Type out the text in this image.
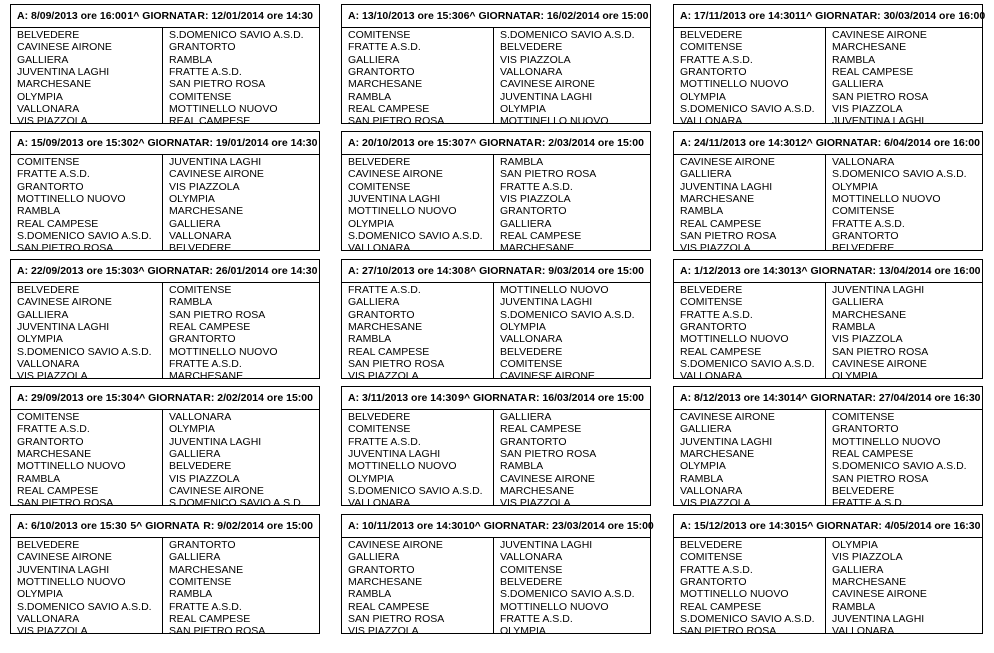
A: 8/09/2013 ore 16:00 1^ GIORNATA R: 12/01/2014 ore 14:30
BELVEDERE	S.DOMENICO SAVIO A.S.D.
CAVINESE AIRONE	GRANTORTO
GALLIERA	RAMBLA
JUVENTINA LAGHI	FRATTE A.S.D.
MARCHESANE	SAN PIETRO ROSA
OLYMPIA	COMITENSE
VALLONARA	MOTTINELLO NUOVO
VIS PIAZZOLA	REAL CAMPESE
A: 13/10/2013 ore 15:30 6^ GIORNATA R: 16/02/2014 ore 15:00
COMITENSE	S.DOMENICO SAVIO A.S.D.
FRATTE A.S.D.	BELVEDERE
GALLIERA	VIS PIAZZOLA
GRANTORTO	VALLONARA
MARCHESANE	CAVINESE AIRONE
RAMBLA	JUVENTINA LAGHI
REAL CAMPESE	OLYMPIA
SAN PIETRO ROSA	MOTTINELLO NUOVO
A: 17/11/2013 ore 14:30 11^ GIORNATA R: 30/03/2014 ore 16:00
BELVEDERE	CAVINESE AIRONE
COMITENSE	MARCHESANE
FRATTE A.S.D.	RAMBLA
GRANTORTO	REAL CAMPESE
MOTTINELLO NUOVO	GALLIERA
OLYMPIA	SAN PIETRO ROSA
S.DOMENICO SAVIO A.S.D.	VIS PIAZZOLA
VALLONARA	JUVENTINA LAGHI
A: 15/09/2013 ore 15:30 2^ GIORNATA R: 19/01/2014 ore 14:30
COMITENSE	JUVENTINA LAGHI
FRATTE A.S.D.	CAVINESE AIRONE
GRANTORTO	VIS PIAZZOLA
MOTTINELLO NUOVO	OLYMPIA
RAMBLA	MARCHESANE
REAL CAMPESE	GALLIERA
S.DOMENICO SAVIO A.S.D.	VALLONARA
SAN PIETRO ROSA	BELVEDERE
A: 20/10/2013 ore 15:30 7^ GIORNATA R: 2/03/2014 ore 15:00
BELVEDERE	RAMBLA
CAVINESE AIRONE	SAN PIETRO ROSA
COMITENSE	FRATTE A.S.D.
JUVENTINA LAGHI	VIS PIAZZOLA
MOTTINELLO NUOVO	GRANTORTO
OLYMPIA	GALLIERA
S.DOMENICO SAVIO A.S.D.	REAL CAMPESE
VALLONARA	MARCHESANE
A: 24/11/2013 ore 14:30 12^ GIORNATA R: 6/04/2014 ore 16:00
CAVINESE AIRONE	VALLONARA
GALLIERA	S.DOMENICO SAVIO A.S.D.
JUVENTINA LAGHI	OLYMPIA
MARCHESANE	MOTTINELLO NUOVO
RAMBLA	COMITENSE
REAL CAMPESE	FRATTE A.S.D.
SAN PIETRO ROSA	GRANTORTO
VIS PIAZZOLA	BELVEDERE
A: 22/09/2013 ore 15:30 3^ GIORNATA R: 26/01/2014 ore 14:30
BELVEDERE	COMITENSE
CAVINESE AIRONE	RAMBLA
GALLIERA	SAN PIETRO ROSA
JUVENTINA LAGHI	REAL CAMPESE
OLYMPIA	GRANTORTO
S.DOMENICO SAVIO A.S.D.	MOTTINELLO NUOVO
VALLONARA	FRATTE A.S.D.
VIS PIAZZOLA	MARCHESANE
A: 27/10/2013 ore 14:30 8^ GIORNATA R: 9/03/2014 ore 15:00
FRATTE A.S.D.	MOTTINELLO NUOVO
GALLIERA	JUVENTINA LAGHI
GRANTORTO	S.DOMENICO SAVIO A.S.D.
MARCHESANE	OLYMPIA
RAMBLA	VALLONARA
REAL CAMPESE	BELVEDERE
SAN PIETRO ROSA	COMITENSE
VIS PIAZZOLA	CAVINESE AIRONE
A: 1/12/2013 ore 14:30 13^ GIORNATA R: 13/04/2014 ore 16:00
BELVEDERE	JUVENTINA LAGHI
COMITENSE	GALLIERA
FRATTE A.S.D.	MARCHESANE
GRANTORTO	RAMBLA
MOTTINELLO NUOVO	VIS PIAZZOLA
REAL CAMPESE	SAN PIETRO ROSA
S.DOMENICO SAVIO A.S.D.	CAVINESE AIRONE
VALLONARA	OLYMPIA
A: 29/09/2013 ore 15:30 4^ GIORNATA R: 2/02/2014 ore 15:00
COMITENSE	VALLONARA
FRATTE A.S.D.	OLYMPIA
GRANTORTO	JUVENTINA LAGHI
MARCHESANE	GALLIERA
MOTTINELLO NUOVO	BELVEDERE
RAMBLA	VIS PIAZZOLA
REAL CAMPESE	CAVINESE AIRONE
SAN PIETRO ROSA	S.DOMENICO SAVIO A.S.D.
A: 3/11/2013 ore 14:30 9^ GIORNATA R: 16/03/2014 ore 15:00
BELVEDERE	GALLIERA
COMITENSE	REAL CAMPESE
FRATTE A.S.D.	GRANTORTO
JUVENTINA LAGHI	SAN PIETRO ROSA
MOTTINELLO NUOVO	RAMBLA
OLYMPIA	CAVINESE AIRONE
S.DOMENICO SAVIO A.S.D.	MARCHESANE
VALLONARA	VIS PIAZZOLA
A: 8/12/2013 ore 14:30 14^ GIORNATA R: 27/04/2014 ore 16:30
CAVINESE AIRONE	COMITENSE
GALLIERA	GRANTORTO
JUVENTINA LAGHI	MOTTINELLO NUOVO
MARCHESANE	REAL CAMPESE
OLYMPIA	S.DOMENICO SAVIO A.S.D.
RAMBLA	SAN PIETRO ROSA
VALLONARA	BELVEDERE
VIS PIAZZOLA	FRATTE A.S.D.
A: 6/10/2013 ore 15:30 5^ GIORNATA R: 9/02/2014 ore 15:00
BELVEDERE	GRANTORTO
CAVINESE AIRONE	GALLIERA
JUVENTINA LAGHI	MARCHESANE
MOTTINELLO NUOVO	COMITENSE
OLYMPIA	RAMBLA
S.DOMENICO SAVIO A.S.D.	FRATTE A.S.D.
VALLONARA	REAL CAMPESE
VIS PIAZZOLA	SAN PIETRO ROSA
A: 10/11/2013 ore 14:30 10^ GIORNATA R: 23/03/2014 ore 15:00
CAVINESE AIRONE	JUVENTINA LAGHI
GALLIERA	VALLONARA
GRANTORTO	COMITENSE
MARCHESANE	BELVEDERE
RAMBLA	S.DOMENICO SAVIO A.S.D.
REAL CAMPESE	MOTTINELLO NUOVO
SAN PIETRO ROSA	FRATTE A.S.D.
VIS PIAZZOLA	OLYMPIA
A: 15/12/2013 ore 14:30 15^ GIORNATA R: 4/05/2014 ore 16:30
BELVEDERE	OLYMPIA
COMITENSE	VIS PIAZZOLA
FRATTE A.S.D.	GALLIERA
GRANTORTO	MARCHESANE
MOTTINELLO NUOVO	CAVINESE AIRONE
REAL CAMPESE	RAMBLA
S.DOMENICO SAVIO A.S.D.	JUVENTINA LAGHI
SAN PIETRO ROSA	VALLONARA
